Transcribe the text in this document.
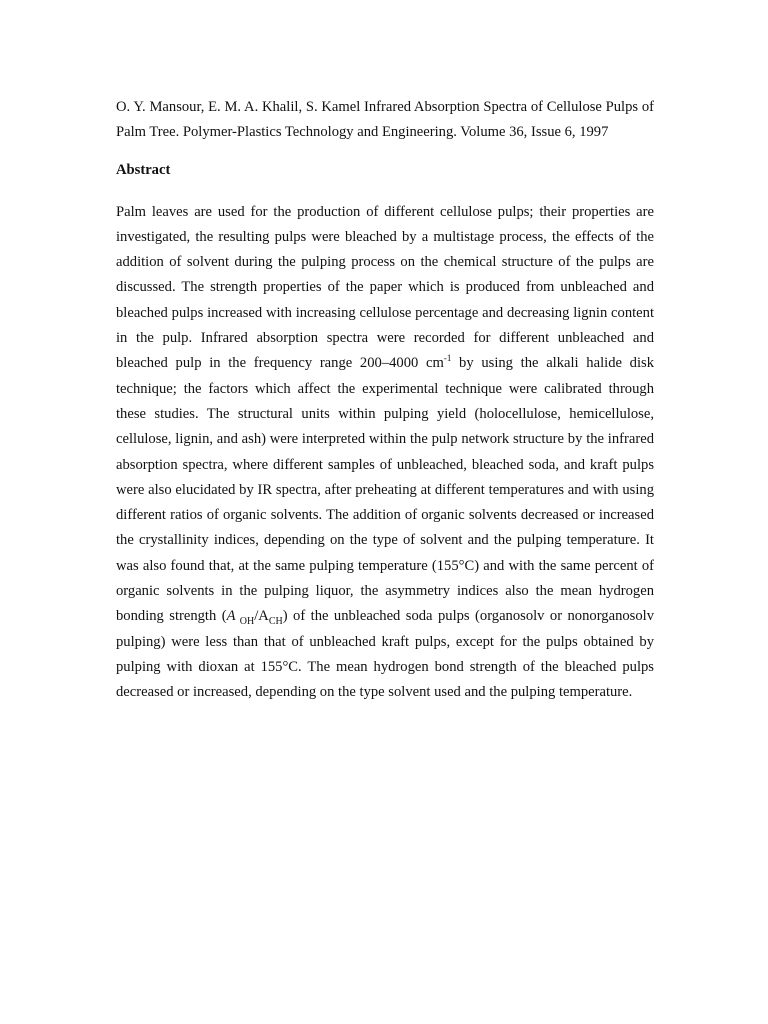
O. Y. Mansour, E. M. A. Khalil, S. Kamel Infrared Absorption Spectra of Cellulose Pulps of Palm Tree. Polymer-Plastics Technology and Engineering. Volume 36, Issue 6, 1997

Abstract

Palm leaves are used for the production of different cellulose pulps; their properties are investigated, the resulting pulps were bleached by a multistage process, the effects of the addition of solvent during the pulping process on the chemical structure of the pulps are discussed. The strength properties of the paper which is produced from unbleached and bleached pulps increased with increasing cellulose percentage and decreasing lignin content in the pulp. Infrared absorption spectra were recorded for different unbleached and bleached pulp in the frequency range 200–4000 $cm^{-1}$ by using the alkali halide disk technique; the factors which affect the experimental technique were calibrated through these studies. The structural units within pulping yield (holocellulose, hemicellulose, cellulose, lignin, and ash) were interpreted within the pulp network structure by the infrared absorption spectra, where different samples of unbleached, bleached soda, and kraft pulps were also elucidated by IR spectra, after preheating at different temperatures and with using different ratios of organic solvents. The addition of organic solvents decreased or increased the crystallinity indices, depending on the type of solvent and the pulping temperature. It was also found that, at the same pulping temperature (155°C) and with the same percent of organic solvents in the pulping liquor, the asymmetry indices also the mean hydrogen bonding strength (A $_{OH}/A_{CH}$) of the unbleached soda pulps (organosolv or nonorganosolv pulping) were less than that of unbleached kraft pulps, except for the pulps obtained by pulping with dioxan at 155°C. The mean hydrogen bond strength of the bleached pulps decreased or increased, depending on the type solvent used and the pulping temperature.
